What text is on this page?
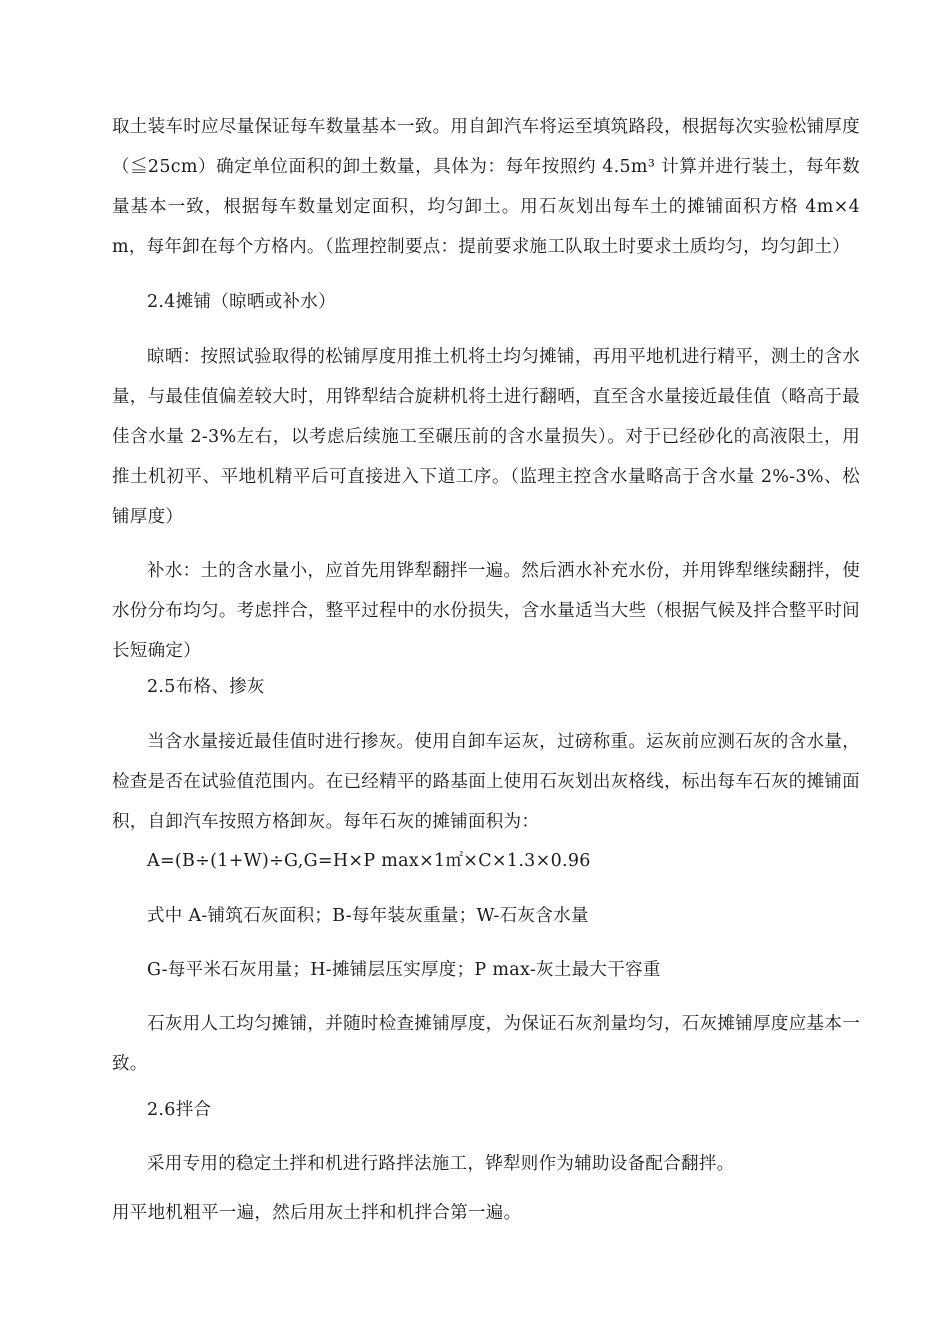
取土装车时应尽量保证每车数量基本一致。用自卸汽车将运至填筑路段，根据每次实验松铺厚度（≦25cm）确定单位面积的卸土数量，具体为：每年按照约 4.5m³ 计算并进行装土，每年数量基本一致，根据每车数量划定面积，均匀卸土。用石灰划出每车土的摊铺面积方格 4m×4m，每年卸在每个方格内。（监理控制要点：提前要求施工队取土时要求土质均匀，均匀卸土）

2.4摊铺（晾晒或补水）

晾晒：按照试验取得的松铺厚度用推土机将土均匀摊铺，再用平地机进行精平，测土的含水量，与最佳值偏差较大时，用铧犁结合旋耕机将土进行翻晒，直至含水量接近最佳值（略高于最佳含水量 2-3%左右，以考虑后续施工至碾压前的含水量损失）。对于已经砂化的高液限土，用推土机初平、平地机精平后可直接进入下道工序。（监理主控含水量略高于含水量 2%-3%、松铺厚度）

补水：土的含水量小，应首先用铧犁翻拌一遍。然后洒水补充水份，并用铧犁继续翻拌，使水份分布均匀。考虑拌合，整平过程中的水份损失，含水量适当大些（根据气候及拌合整平时间长短确定）

2.5布格、掺灰

当含水量接近最佳值时进行掺灰。使用自卸车运灰，过磅称重。运灰前应测石灰的含水量，检查是否在试验值范围内。在已经精平的路基面上使用石灰划出灰格线，标出每车石灰的摊铺面积，自卸汽车按照方格卸灰。每年石灰的摊铺面积为：

A=(B÷(1+W)÷G,G=H×P max×1㎡×C×1.3×0.96

式中 A-铺筑石灰面积；B-每年装灰重量；W-石灰含水量

G-每平米石灰用量；H-摊铺层压实厚度；P max-灰土最大干容重

石灰用人工均匀摊铺，并随时检查摊铺厚度，为保证石灰剂量均匀，石灰摊铺厚度应基本一致。

2.6拌合

采用专用的稳定土拌和机进行路拌法施工，铧犁则作为辅助设备配合翻拌。

用平地机粗平一遍，然后用灰土拌和机拌合第一遍。
